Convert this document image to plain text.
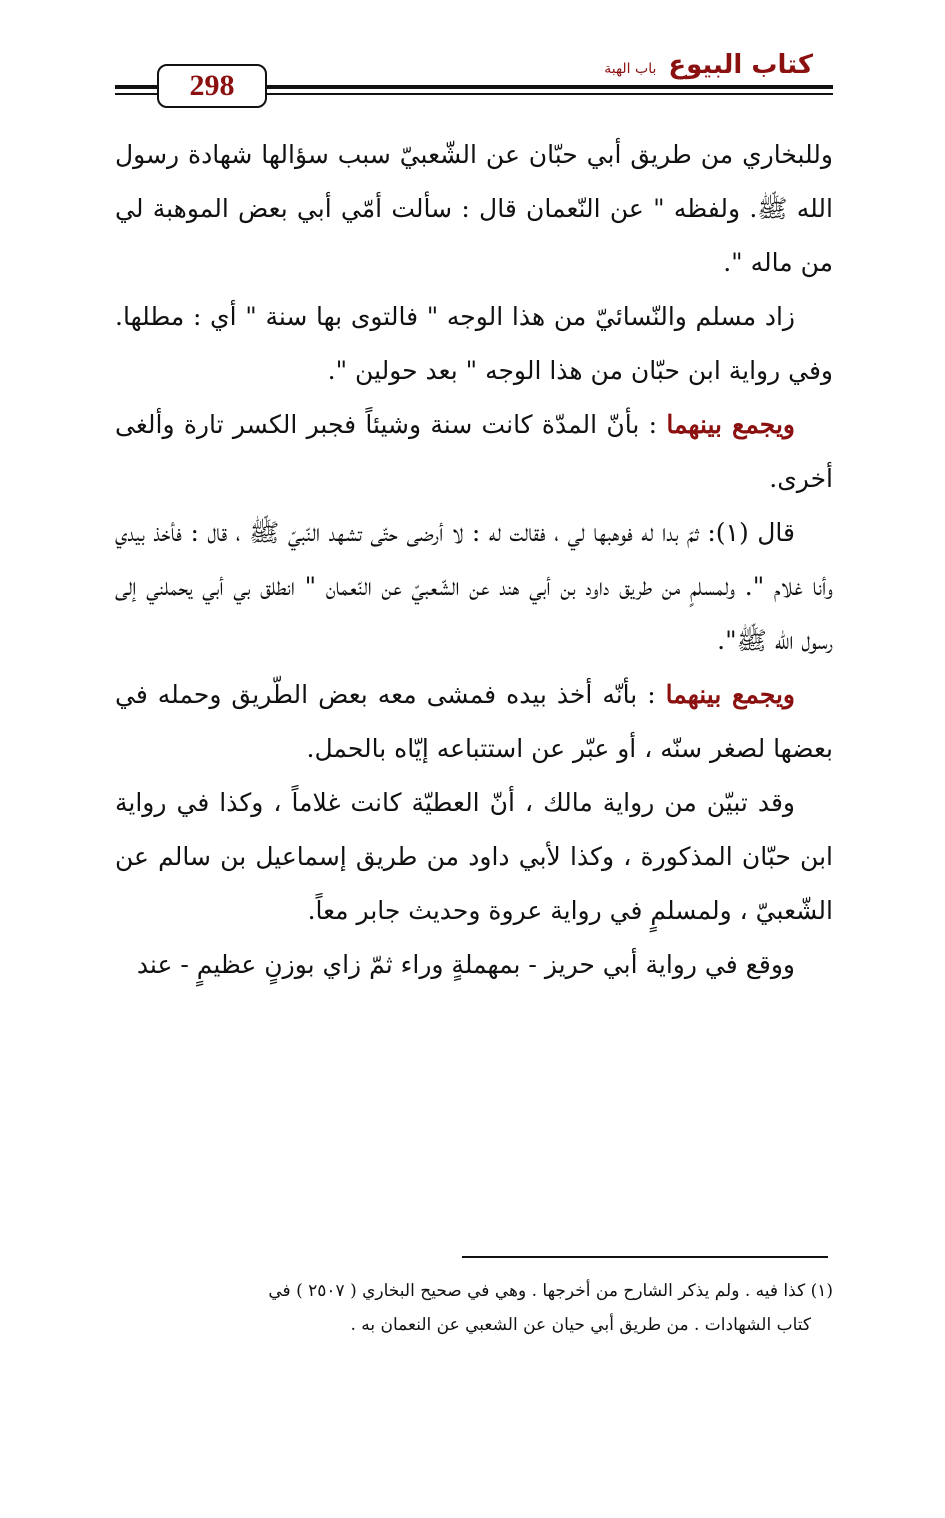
298
كتاب البيوع
باب الهبة

وللبخاري من طريق أبي حبّان عن الشّعبيّ سبب سؤالها شهادة رسول الله ﷺ. ولفظه " عن النّعمان قال : سألت أمّي أبي بعض الموهبة لي من ماله ".

زاد مسلم والنّسائيّ من هذا الوجه " فالتوى بها سنة " أي : مطلها. وفي رواية ابن حبّان من هذا الوجه " بعد حولين ".

ويجمع بينهما : بأنّ المدّة كانت سنة وشيئاً فجبر الكسر تارة وألغى أخرى.

قال (١): ثمّ بدا له فوهبها لي ، فقالت له : لا أرضى حتّى تشهد النّبيّ ﷺ ، قال : فأخذ بيدي وأنا غلام ". ولمسلمٍ من طريق داود بن أبي هند عن الشّعبيّ عن النّعمان " انطلق بي أبي يحملني إلى رسول الله ﷺ".

ويجمع بينهما : بأنّه أخذ بيده فمشى معه بعض الطّريق وحمله في بعضها لصغر سنّه ، أو عبّر عن استتباعه إيّاه بالحمل.

وقد تبيّن من رواية مالك ، أنّ العطيّة كانت غلاماً ، وكذا في رواية ابن حبّان المذكورة ، وكذا لأبي داود من طريق إسماعيل بن سالم عن الشّعبيّ ، ولمسلمٍ في رواية عروة وحديث جابر معاً.

ووقع في رواية أبي حريز - بمهملةٍ وراء ثمّ زاي بوزنٍ عظيمٍ - عند

(١) كذا فيه . ولم يذكر الشارح من أخرجها . وهي في صحيح البخاري ( ٢٥٠٧ ) في

كتاب الشهادات . من طريق أبي حيان عن الشعبي عن النعمان به .
